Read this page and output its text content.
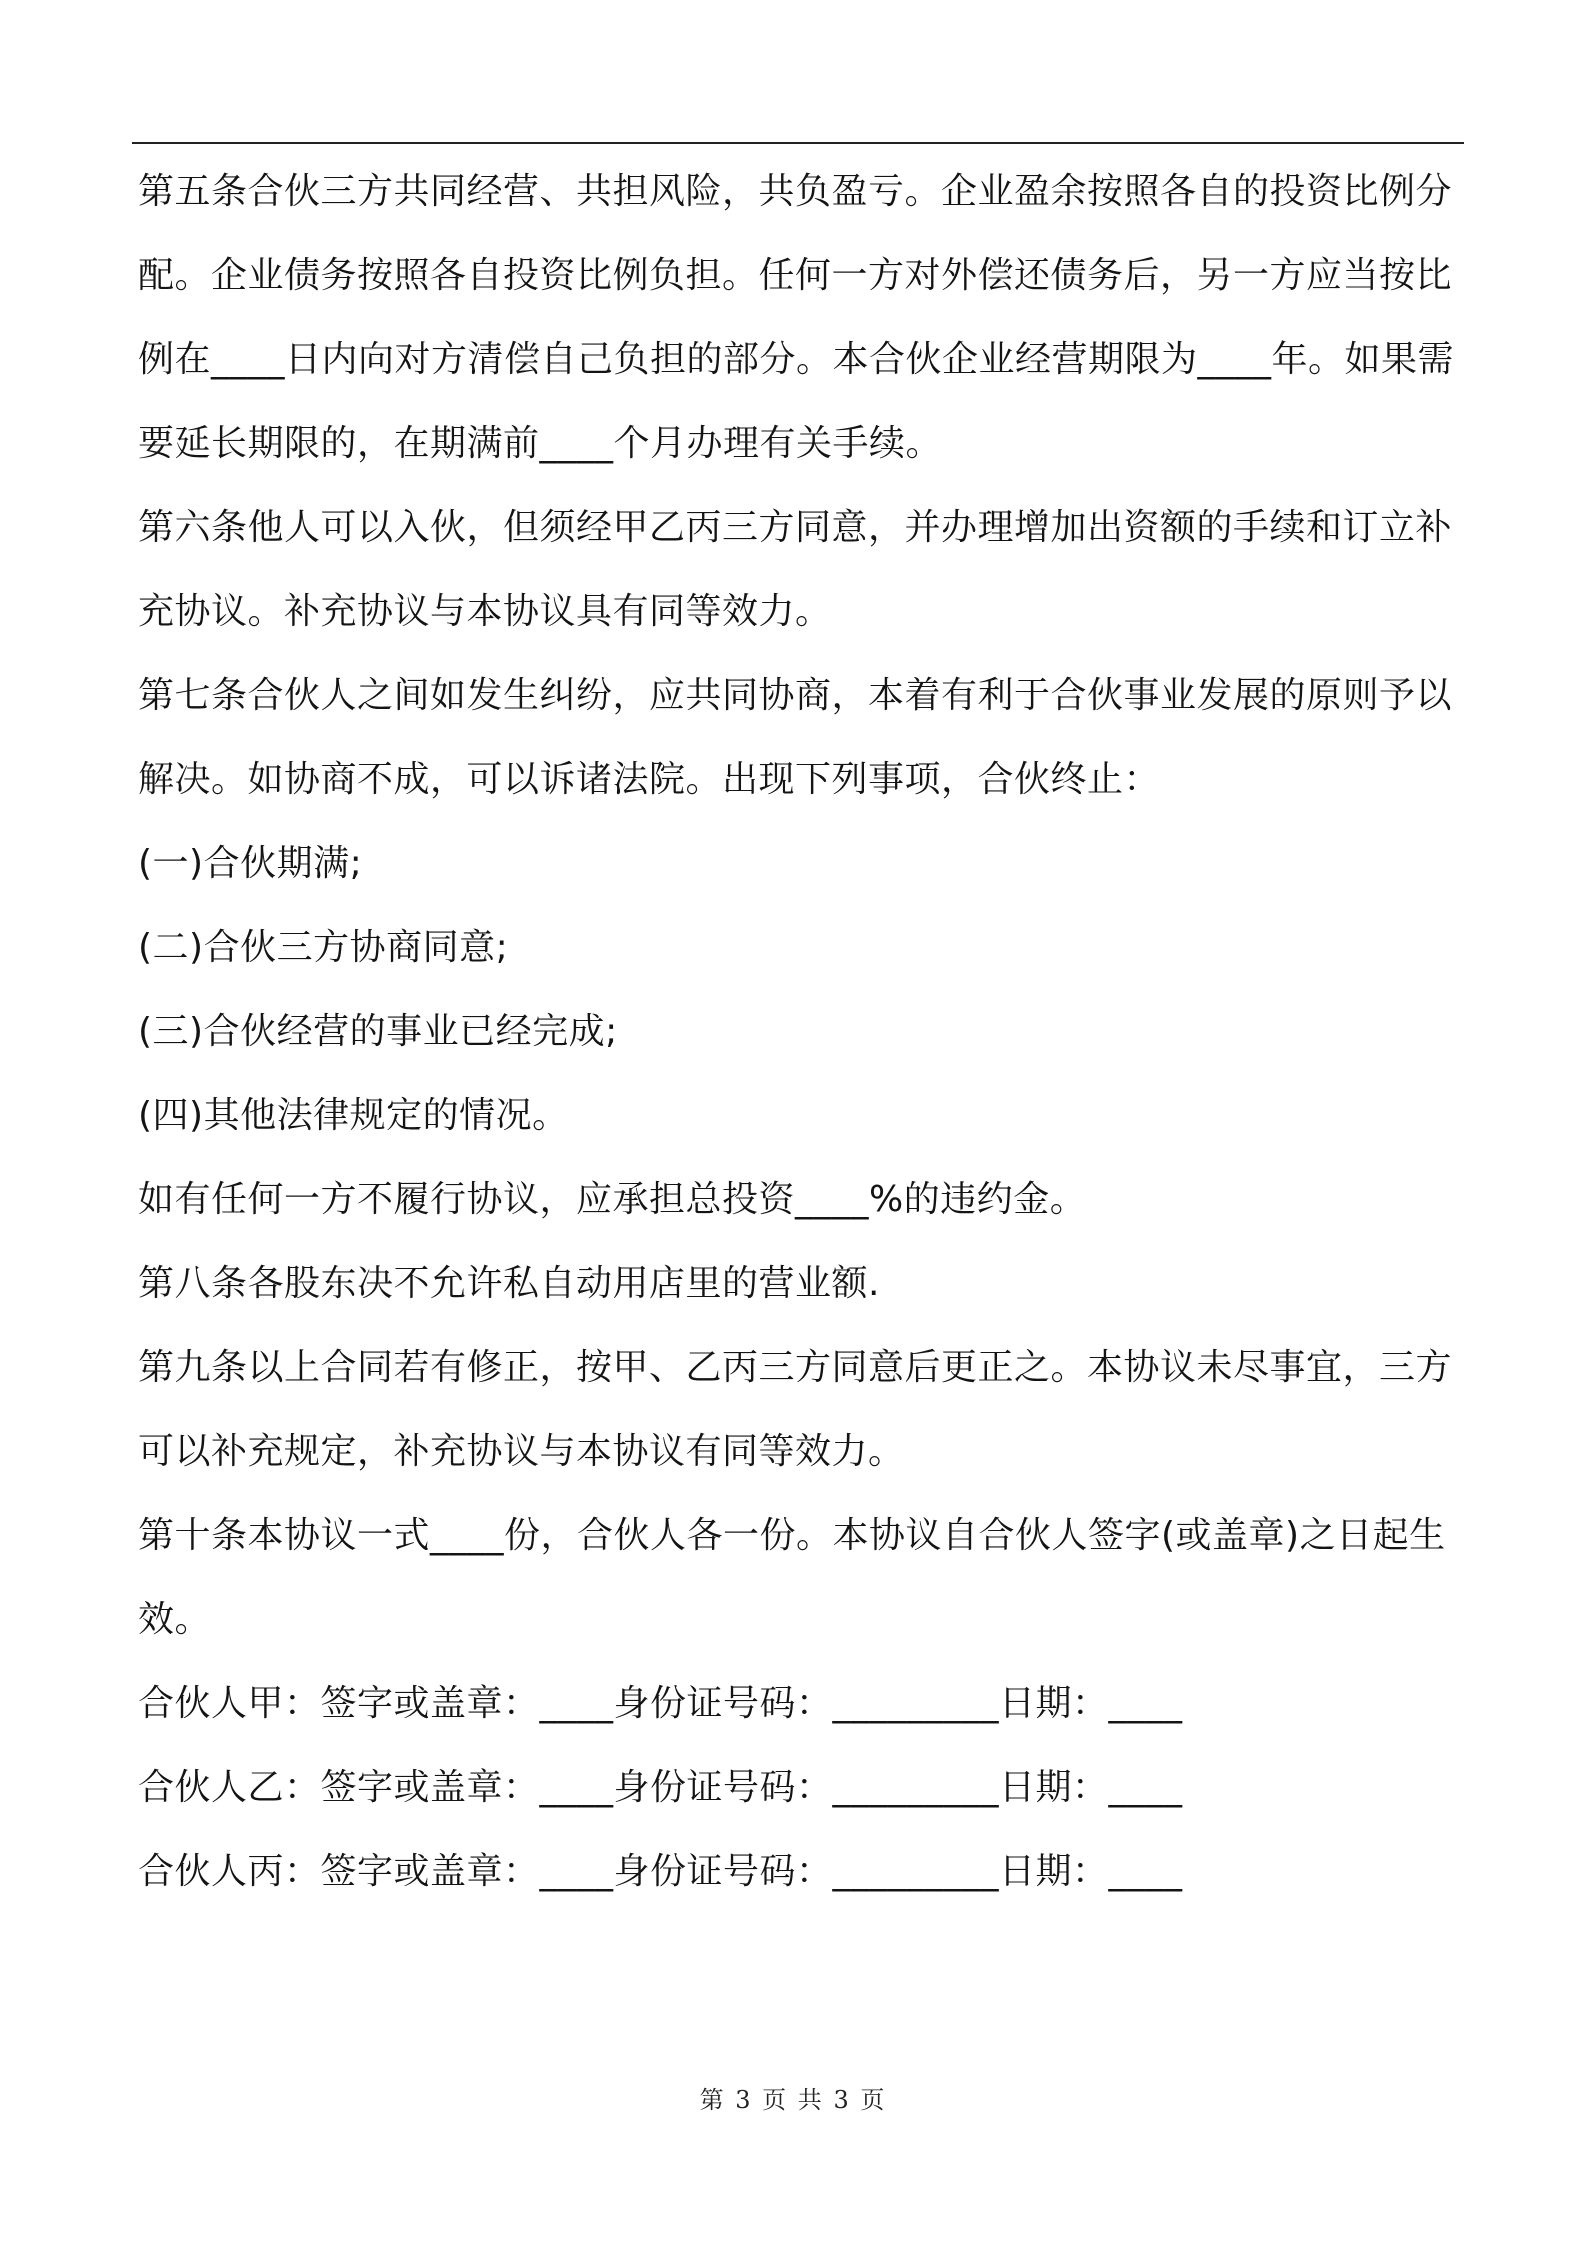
第五条合伙三方共同经营、共担风险，共负盈亏。企业盈余按照各自的投资比例分配。企业债务按照各自投资比例负担。任何一方对外偿还债务后，另一方应当按比例在____日内向对方清偿自己负担的部分。本合伙企业经营期限为____年。如果需要延长期限的，在期满前____个月办理有关手续。

第六条他人可以入伙，但须经甲乙丙三方同意，并办理增加出资额的手续和订立补充协议。补充协议与本协议具有同等效力。

第七条合伙人之间如发生纠纷，应共同协商，本着有利于合伙事业发展的原则予以解决。如协商不成，可以诉诸法院。出现下列事项，合伙终止：

(一)合伙期满;

(二)合伙三方协商同意;

(三)合伙经营的事业已经完成;

(四)其他法律规定的情况。

如有任何一方不履行协议，应承担总投资____%的违约金。

第八条各股东决不允许私自动用店里的营业额.

第九条以上合同若有修正，按甲、乙丙三方同意后更正之。本协议未尽事宜，三方可以补充规定，补充协议与本协议有同等效力。

第十条本协议一式____份，合伙人各一份。本协议自合伙人签字(或盖章)之日起生效。

合伙人甲：签字或盖章：____身份证号码：_________日期：____

合伙人乙：签字或盖章：____身份证号码：_________日期：____

合伙人丙：签字或盖章：____身份证号码：_________日期：____

第 3 页 共 3 页
